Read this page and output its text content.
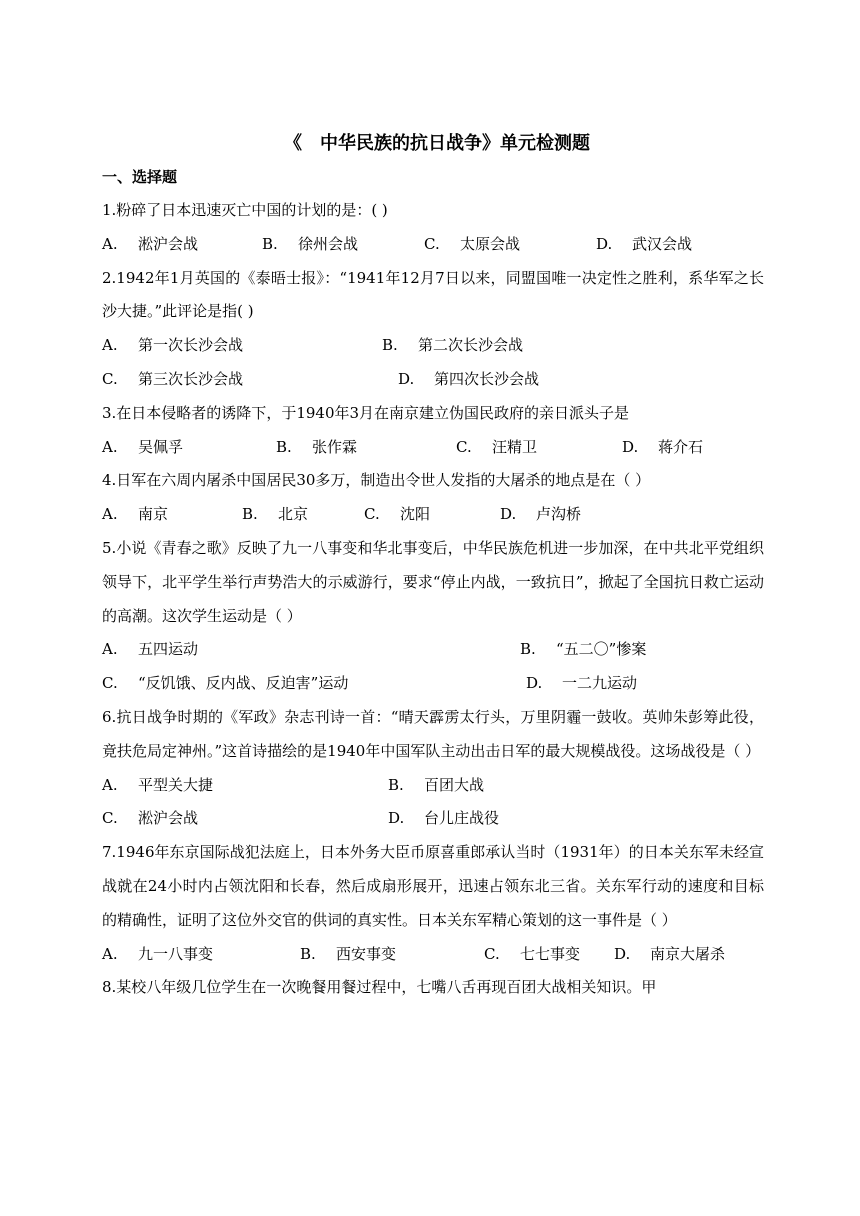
《　中华民族的抗日战争》单元检测题
一、选择题
1.粉碎了日本迅速灭亡中国的计划的是：( )
A. 淞沪会战	B. 徐州会战	C. 太原会战	D. 武汉会战
2.1942年1月英国的《泰晤士报》：“1941年12月7日以来，同盟国唯一决定性之胜利，系华军之长沙大捷。”此评论是指( )
A. 第一次长沙会战	B. 第二次长沙会战
C. 第三次长沙会战	D. 第四次长沙会战
3.在日本侵略者的诱降下，于1940年3月在南京建立伪国民政府的亲日派头子是
A. 吴佩孚	B. 张作霖	C. 汪精卫	D. 蒋介石
4.日军在六周内屠杀中国居民30多万，制造出令世人发指的大屠杀的地点是在（ ）
A. 南京	B. 北京	C. 沈阳	D. 卢沟桥
5.小说《青春之歌》反映了九一八事变和华北事变后，中华民族危机进一步加深，在中共北平党组织领导下，北平学生举行声势浩大的示威游行，要求“停止内战，一致抗日”，掀起了全国抗日救亡运动的高潮。这次学生运动是（ ）
A. 五四运动	B. “五二〇”惨案
C. “反饥饿、反内战、反迫害”运动	D. 一二九运动
6.抗日战争时期的《军政》杂志刊诗一首：“晴天霹雳太行头，万里阴霾一鼓收。英帅朱彭筹此役，竟扶危局定神州。”这首诗描绘的是1940年中国军队主动出击日军的最大规模战役。这场战役是（ ）
A. 平型关大捷	B. 百团大战
C. 淞沪会战	D. 台儿庄战役
7.1946年东京国际战犯法庭上，日本外务大臣币原喜重郎承认当时（1931年）的日本关东军未经宣战就在24小时内占领沈阳和长春，然后成扇形展开，迅速占领东北三省。关东军行动的速度和目标的精确性，证明了这位外交官的供词的真实性。日本关东军精心策划的这一事件是（ ）
A. 九一八事变	B. 西安事变	C. 七七事变	D. 南京大屠杀
8.某校八年级几位学生在一次晚餐用餐过程中，七嘴八舌再现百团大战相关知识。甲
